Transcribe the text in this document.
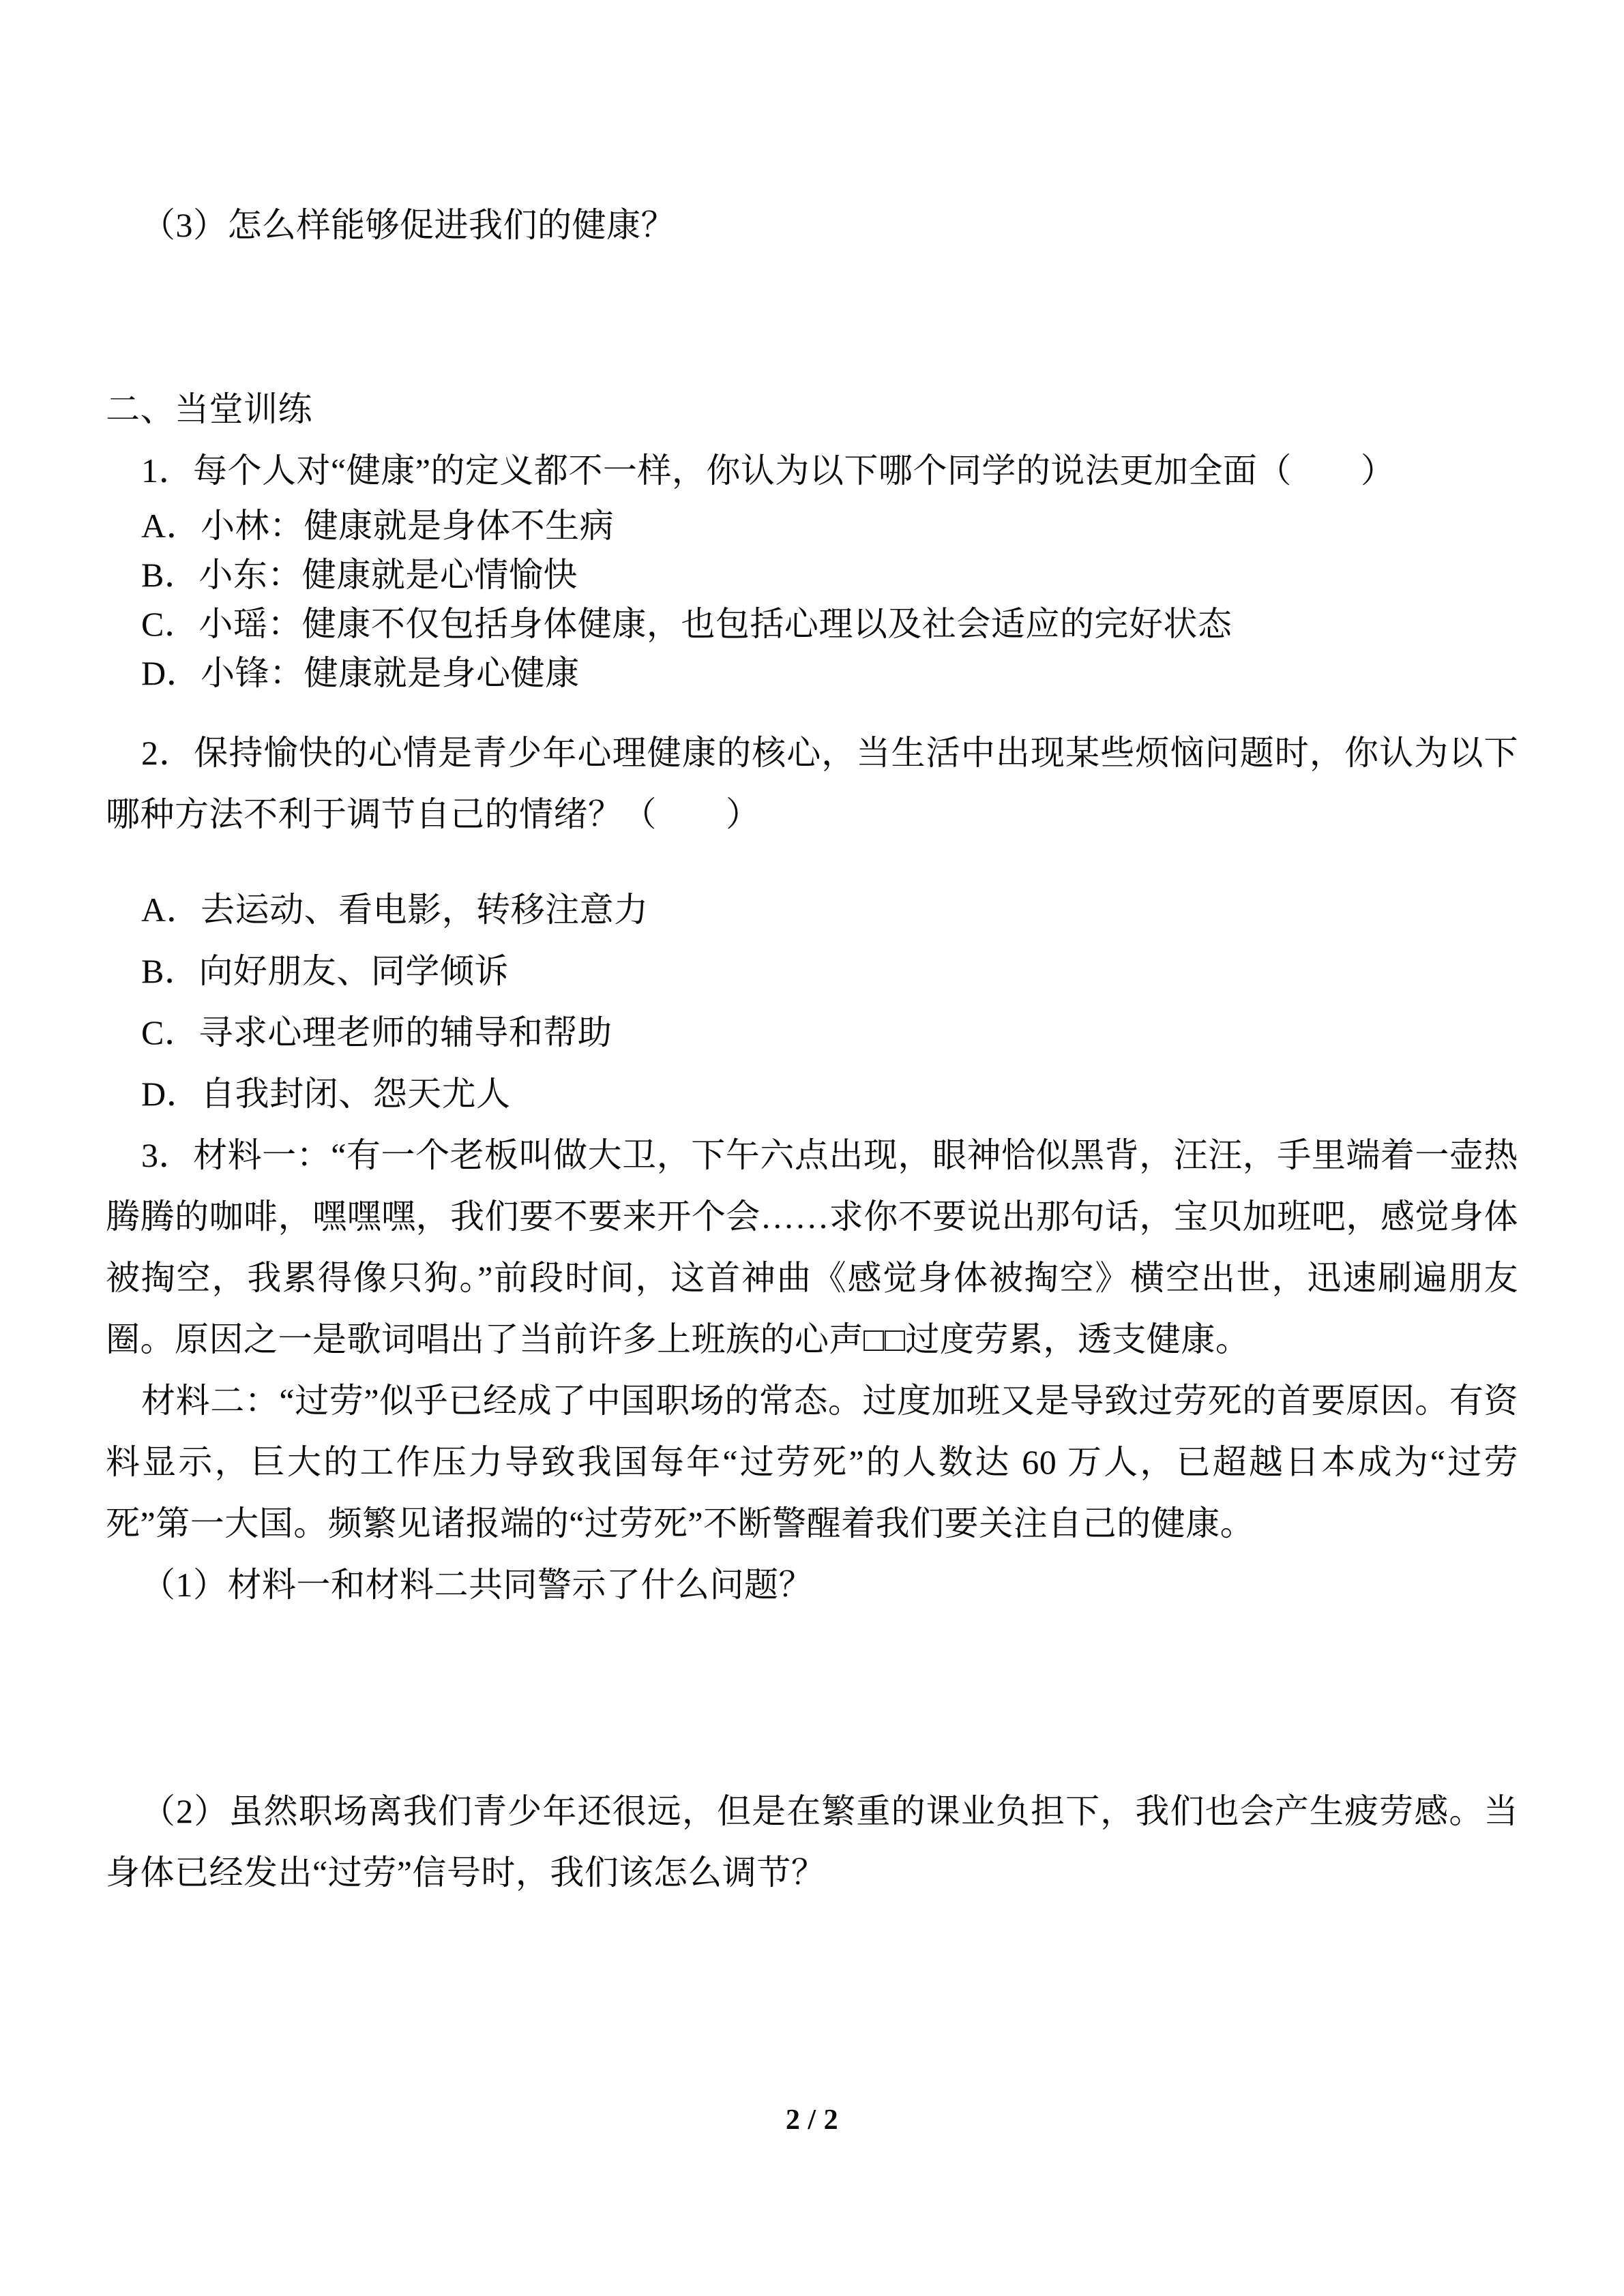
（3）怎么样能够促进我们的健康？

二、当堂训练

1．每个人对“健康”的定义都不一样，你认为以下哪个同学的说法更加全面（　　）

A．小林：健康就是身体不生病

B．小东：健康就是心情愉快

C．小瑶：健康不仅包括身体健康，也包括心理以及社会适应的完好状态

D．小锋：健康就是身心健康

2．保持愉快的心情是青少年心理健康的核心，当生活中出现某些烦恼问题时，你认为以下哪种方法不利于调节自己的情绪？（　　）

A．去运动、看电影，转移注意力

B．向好朋友、同学倾诉

C．寻求心理老师的辅导和帮助

D．自我封闭、怨天尤人

3．材料一：“有一个老板叫做大卫，下午六点出现，眼神恰似黑背，汪汪，手里端着一壶热腾腾的咖啡，嘿嘿嘿，我们要不要来开个会……求你不要说出那句话，宝贝加班吧，感觉身体被掏空，我累得像只狗。”前段时间，这首神曲《感觉身体被掏空》横空出世，迅速刷遍朋友圈。原因之一是歌词唱出了当前许多上班族的心声□□过度劳累，透支健康。

材料二：“过劳”似乎已经成了中国职场的常态。过度加班又是导致过劳死的首要原因。有资料显示，巨大的工作压力导致我国每年“过劳死”的人数达 60 万人，已超越日本成为“过劳死”第一大国。频繁见诸报端的“过劳死”不断警醒着我们要关注自己的健康。

（1）材料一和材料二共同警示了什么问题？

（2）虽然职场离我们青少年还很远，但是在繁重的课业负担下，我们也会产生疲劳感。当身体已经发出“过劳”信号时，我们该怎么调节？

2 / 2
